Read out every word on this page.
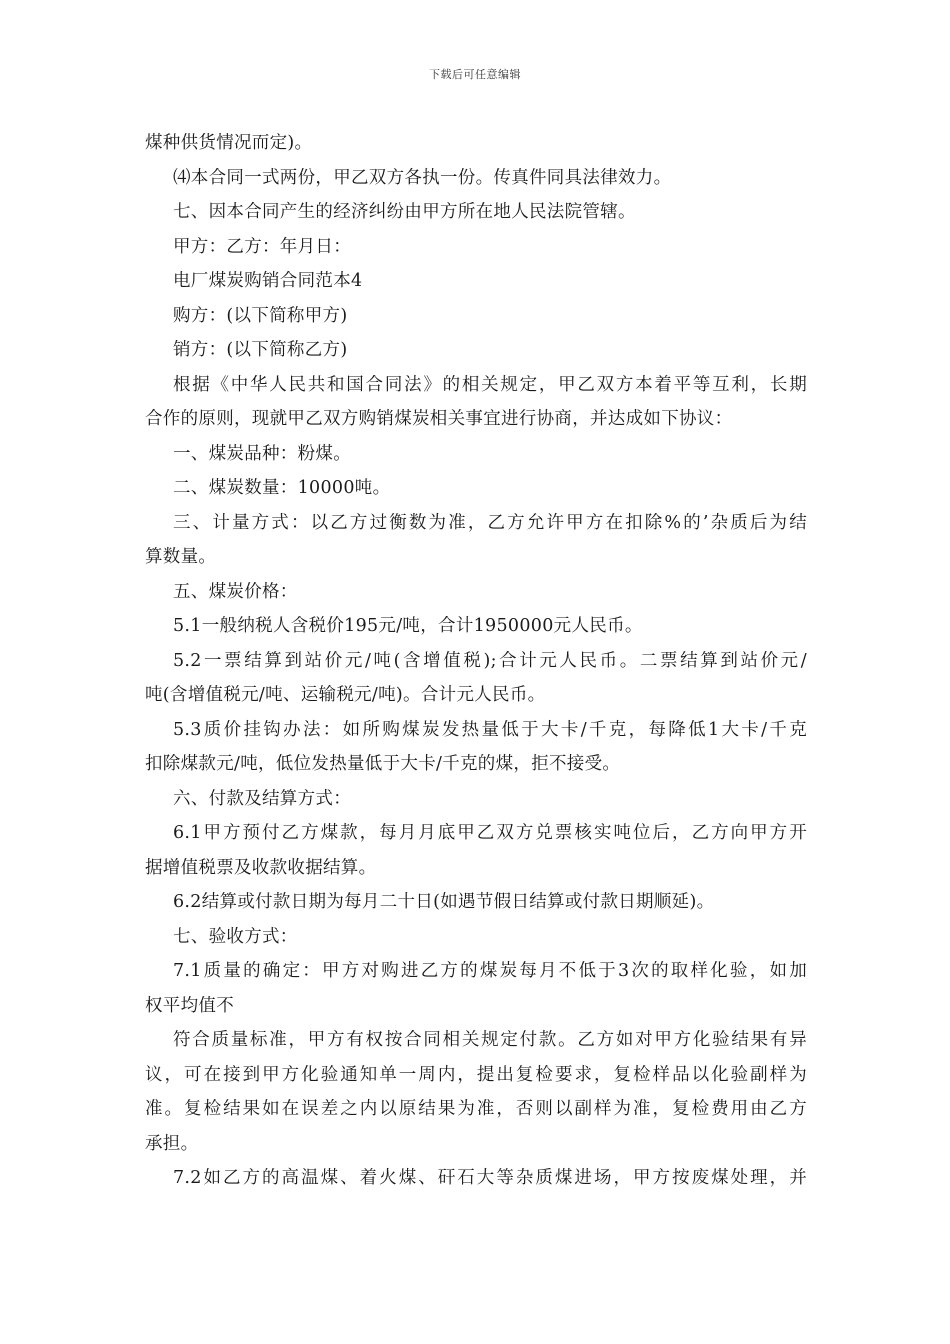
下载后可任意编辑
煤种供货情况而定)。
⑷本合同一式两份，甲乙双方各执一份。传真件同具法律效力。
七、因本合同产生的经济纠纷由甲方所在地人民法院管辖。
甲方：乙方：年月日：
电厂煤炭购销合同范本4
购方：(以下简称甲方)
销方：(以下简称乙方)
根据《中华人民共和国合同法》的相关规定，甲乙双方本着平等互利，长期
合作的原则，现就甲乙双方购销煤炭相关事宜进行协商，并达成如下协议：
一、煤炭品种：粉煤。
二、煤炭数量：10000吨。
三、计量方式：以乙方过衡数为准，乙方允许甲方在扣除%的’杂质后为结
算数量。
五、煤炭价格：
5.1一般纳税人含税价195元/吨，合计1950000元人民币。
5.2一票结算到站价元/吨(含增值税);合计元人民币。二票结算到站价元/
吨(含增值税元/吨、运输税元/吨)。合计元人民币。
5.3质价挂钩办法：如所购煤炭发热量低于大卡/千克，每降低1大卡/千克
扣除煤款元/吨，低位发热量低于大卡/千克的煤，拒不接受。
六、付款及结算方式：
6.1甲方预付乙方煤款，每月月底甲乙双方兑票核实吨位后，乙方向甲方开
据增值税票及收款收据结算。
6.2结算或付款日期为每月二十日(如遇节假日结算或付款日期顺延)。
七、验收方式：
7.1质量的确定：甲方对购进乙方的煤炭每月不低于3次的取样化验，如加
权平均值不
符合质量标准，甲方有权按合同相关规定付款。乙方如对甲方化验结果有异
议，可在接到甲方化验通知单一周内，提出复检要求，复检样品以化验副样为
准。复检结果如在误差之内以原结果为准，否则以副样为准，复检费用由乙方
承担。
7.2如乙方的高温煤、着火煤、矸石大等杂质煤进场，甲方按废煤处理，并
